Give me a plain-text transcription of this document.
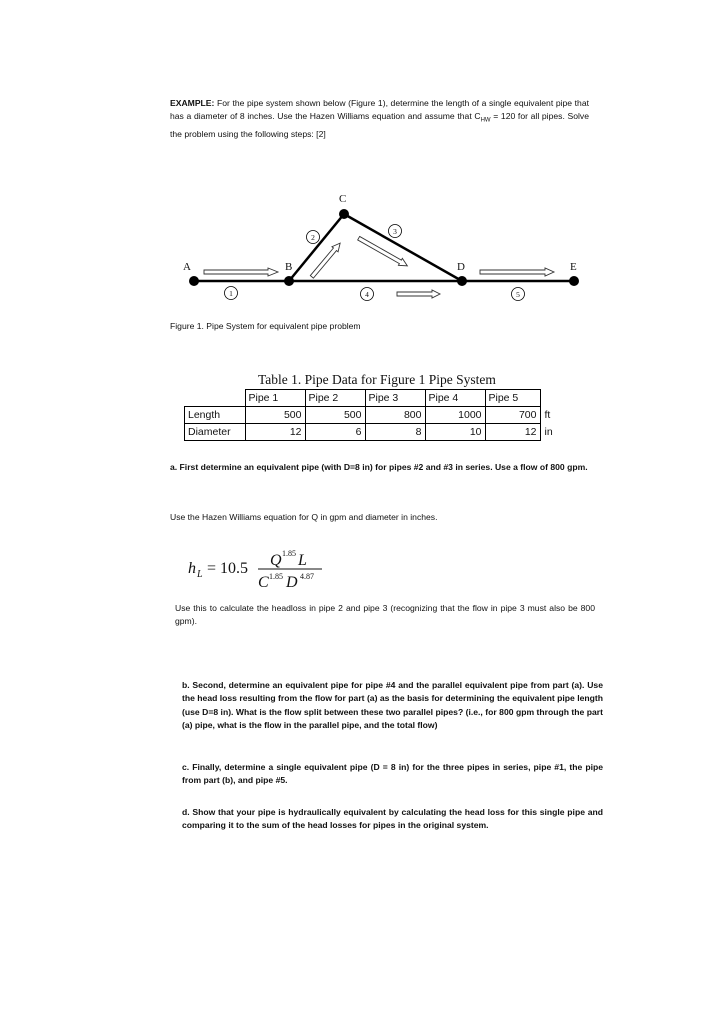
EXAMPLE: For the pipe system shown below (Figure 1), determine the length of a single equivalent pipe that has a diameter of 8 inches. Use the Hazen Williams equation and assume that $C_{HW} = 120$ for all pipes. Solve the problem using the following steps: [2]
A	B
C
D	E
1
2
3
4	5
Figure 1. Pipe System for equivalent pipe problem
Table 1. Pipe Data for Figure 1 Pipe System
	Pipe 1	Pipe 2	Pipe 3	Pipe 4	Pipe 5	
Length	500	500	800	1000	700	ft
Diameter	12	6	8	10	12	in
a. First determine an equivalent pipe (with D=8 in) for pipes #2 and #3 in series. Use a flow of 800 gpm.
Use the Hazen Williams equation for Q in gpm and diameter in inches.
h L = 10.5 Q 1.85 L
C 1.85 D 4.87
Use this to calculate the headloss in pipe 2 and pipe 3 (recognizing that the flow in pipe 3 must also be 800 gpm).
b. Second, determine an equivalent pipe for pipe #4 and the parallel equivalent pipe from part (a). Use the head loss resulting from the flow for part (a) as the basis for determining the equivalent pipe length (use D=8 in). What is the flow split between these two parallel pipes? (i.e., for 800 gpm through the part (a) pipe, what is the flow in the parallel pipe, and the total flow)
c. Finally, determine a single equivalent pipe (D = 8 in) for the three pipes in series, pipe #1, the pipe from part (b), and pipe #5.
d. Show that your pipe is hydraulically equivalent by calculating the head loss for this single pipe and comparing it to the sum of the head losses for pipes in the original system.
